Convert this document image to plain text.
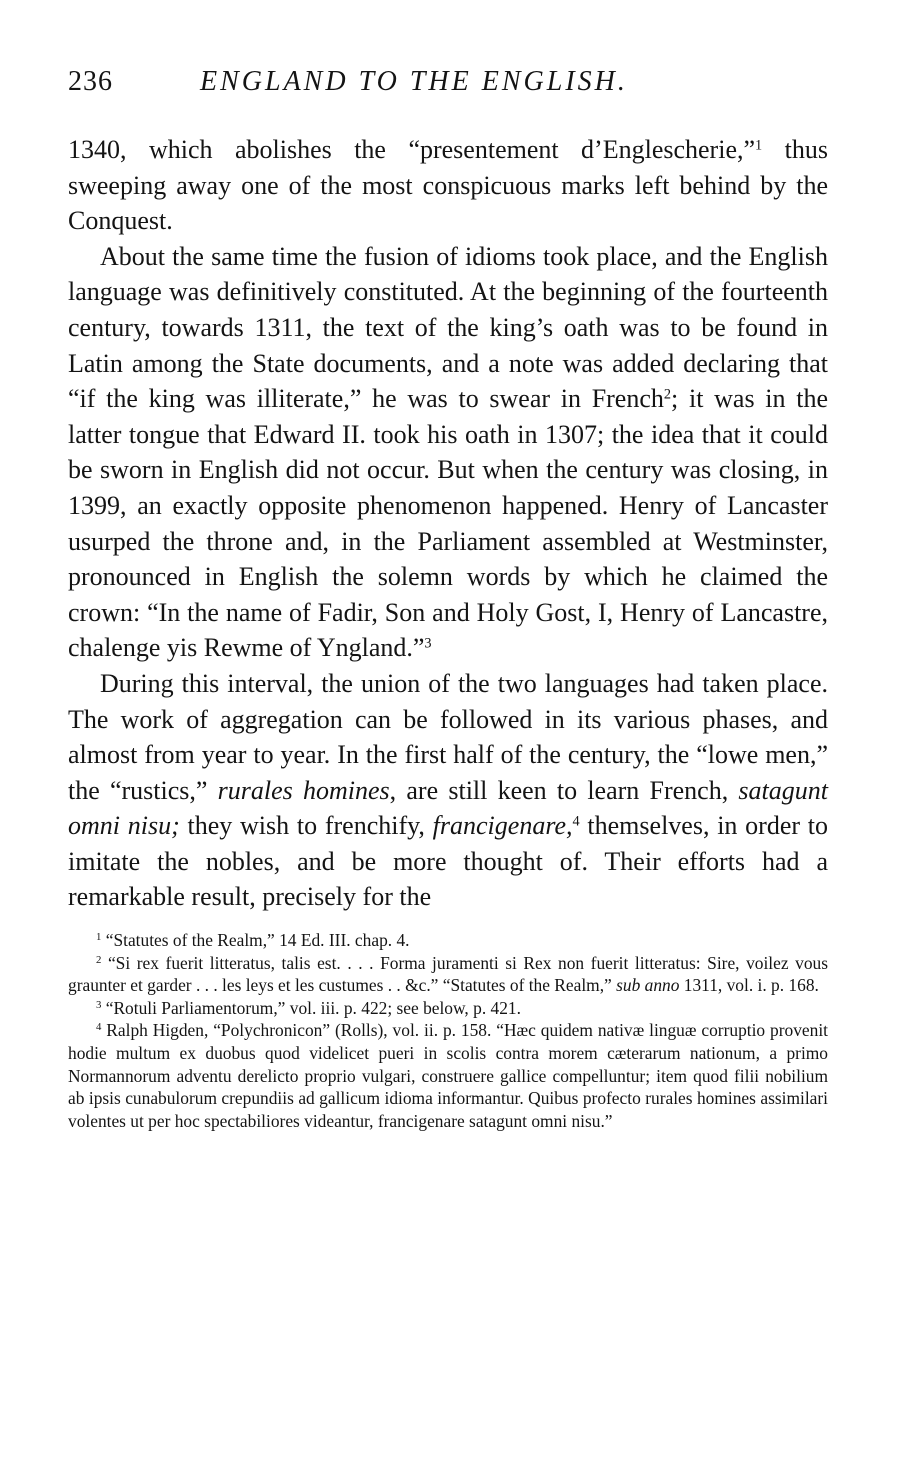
236	ENGLAND TO THE ENGLISH.

1340, which abolishes the “presentement d’Englescherie,”$^1$ thus sweeping away one of the most conspicuous marks left behind by the Conquest.

About the same time the fusion of idioms took place, and the English language was definitively constituted. At the beginning of the fourteenth century, towards 1311, the text of the king’s oath was to be found in Latin among the State documents, and a note was added declaring that “if the king was illiterate,” he was to swear in French$^2$; it was in the latter tongue that Edward II. took his oath in 1307; the idea that it could be sworn in English did not occur. But when the century was closing, in 1399, an exactly opposite phenomenon happened. Henry of Lancaster usurped the throne and, in the Parliament assembled at Westminster, pronounced in English the solemn words by which he claimed the crown: “In the name of Fadir, Son and Holy Gost, I, Henry of Lancastre, chalenge yis Rewme of Yngland.”$^3$

During this interval, the union of the two languages had taken place. The work of aggregation can be followed in its various phases, and almost from year to year. In the first half of the century, the “lowe men,” the “rustics,” rurales homines, are still keen to learn French, satagunt omni nisu; they wish to frenchify, francigenare,$^4$ themselves, in order to imitate the nobles, and be more thought of. Their efforts had a remarkable result, precisely for the

$^1$ “Statutes of the Realm,” 14 Ed. III. chap. 4.

$^2$ “Si rex fuerit litteratus, talis est. . . . Forma juramenti si Rex non fuerit litteratus: Sire, voilez vous graunter et garder . . . les leys et les custumes . . &c.” “Statutes of the Realm,” sub anno 1311, vol. i. p. 168.

$^3$ “Rotuli Parliamentorum,” vol. iii. p. 422; see below, p. 421.

$^4$ Ralph Higden, “Polychronicon” (Rolls), vol. ii. p. 158. “Hæc quidem nativæ linguæ corruptio provenit hodie multum ex duobus quod videlicet pueri in scolis contra morem cæterarum nationum, a primo Normannorum adventu derelicto proprio vulgari, construere gallice compelluntur; item quod filii nobilium ab ipsis cunabulorum crepundiis ad gallicum idioma informantur. Quibus profecto rurales homines assimilari volentes ut per hoc spectabiliores videantur, francigenare satagunt omni nisu.”
